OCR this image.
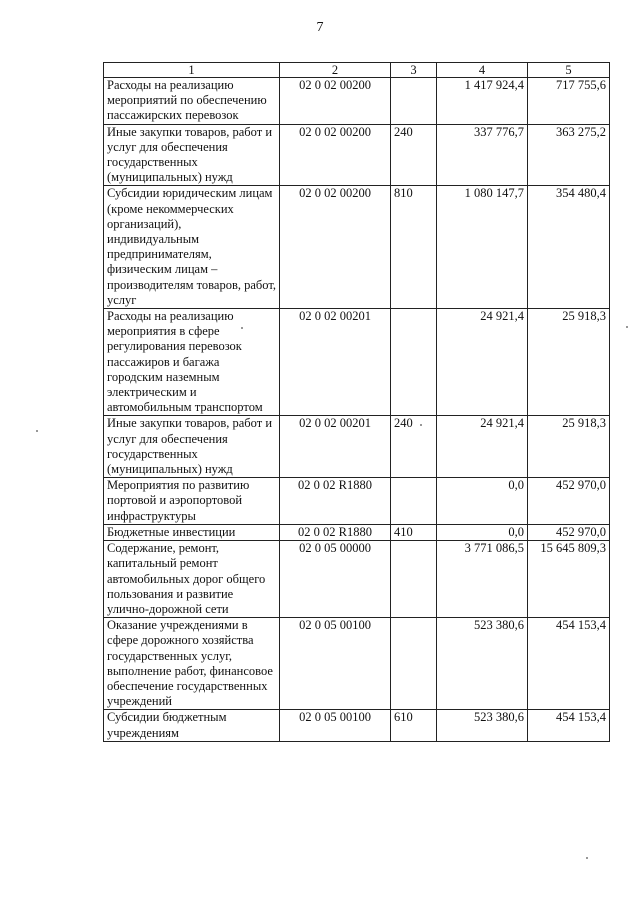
7
1	2	3	4	5
Расходы на реализацию мероприятий по обеспечению пассажирских перевозок	02 0 02 00200		1 417 924,4	717 755,6
Иные закупки товаров, работ и услуг для обеспечения государственных (муниципальных) нужд	02 0 02 00200	240	337 776,7	363 275,2
Субсидии юридическим лицам (кроме некоммерческих организаций), индивидуальным предпринимателям, физическим лицам – производителям товаров, работ, услуг	02 0 02 00200	810	1 080 147,7	354 480,4
Расходы на реализацию мероприятия в сфере регулирования перевозок пассажиров и багажа городским наземным электрическим и автомобильным транспортом	02 0 02 00201		24 921,4	25 918,3
Иные закупки товаров, работ и услуг для обеспечения государственных (муниципальных) нужд	02 0 02 00201	240	24 921,4	25 918,3
Мероприятия по развитию портовой и аэропортовой инфраструктуры	02 0 02 R1880		0,0	452 970,0
Бюджетные инвестиции	02 0 02 R1880	410	0,0	452 970,0
Содержание, ремонт, капитальный ремонт автомобильных дорог общего пользования и развитие улично-дорожной сети	02 0 05 00000		3 771 086,5	15 645 809,3
Оказание учреждениями в сфере дорожного хозяйства государственных услуг, выполнение работ, финансовое обеспечение государственных учреждений	02 0 05 00100		523 380,6	454 153,4
Субсидии бюджетным учреждениям	02 0 05 00100	610	523 380,6	454 153,4
